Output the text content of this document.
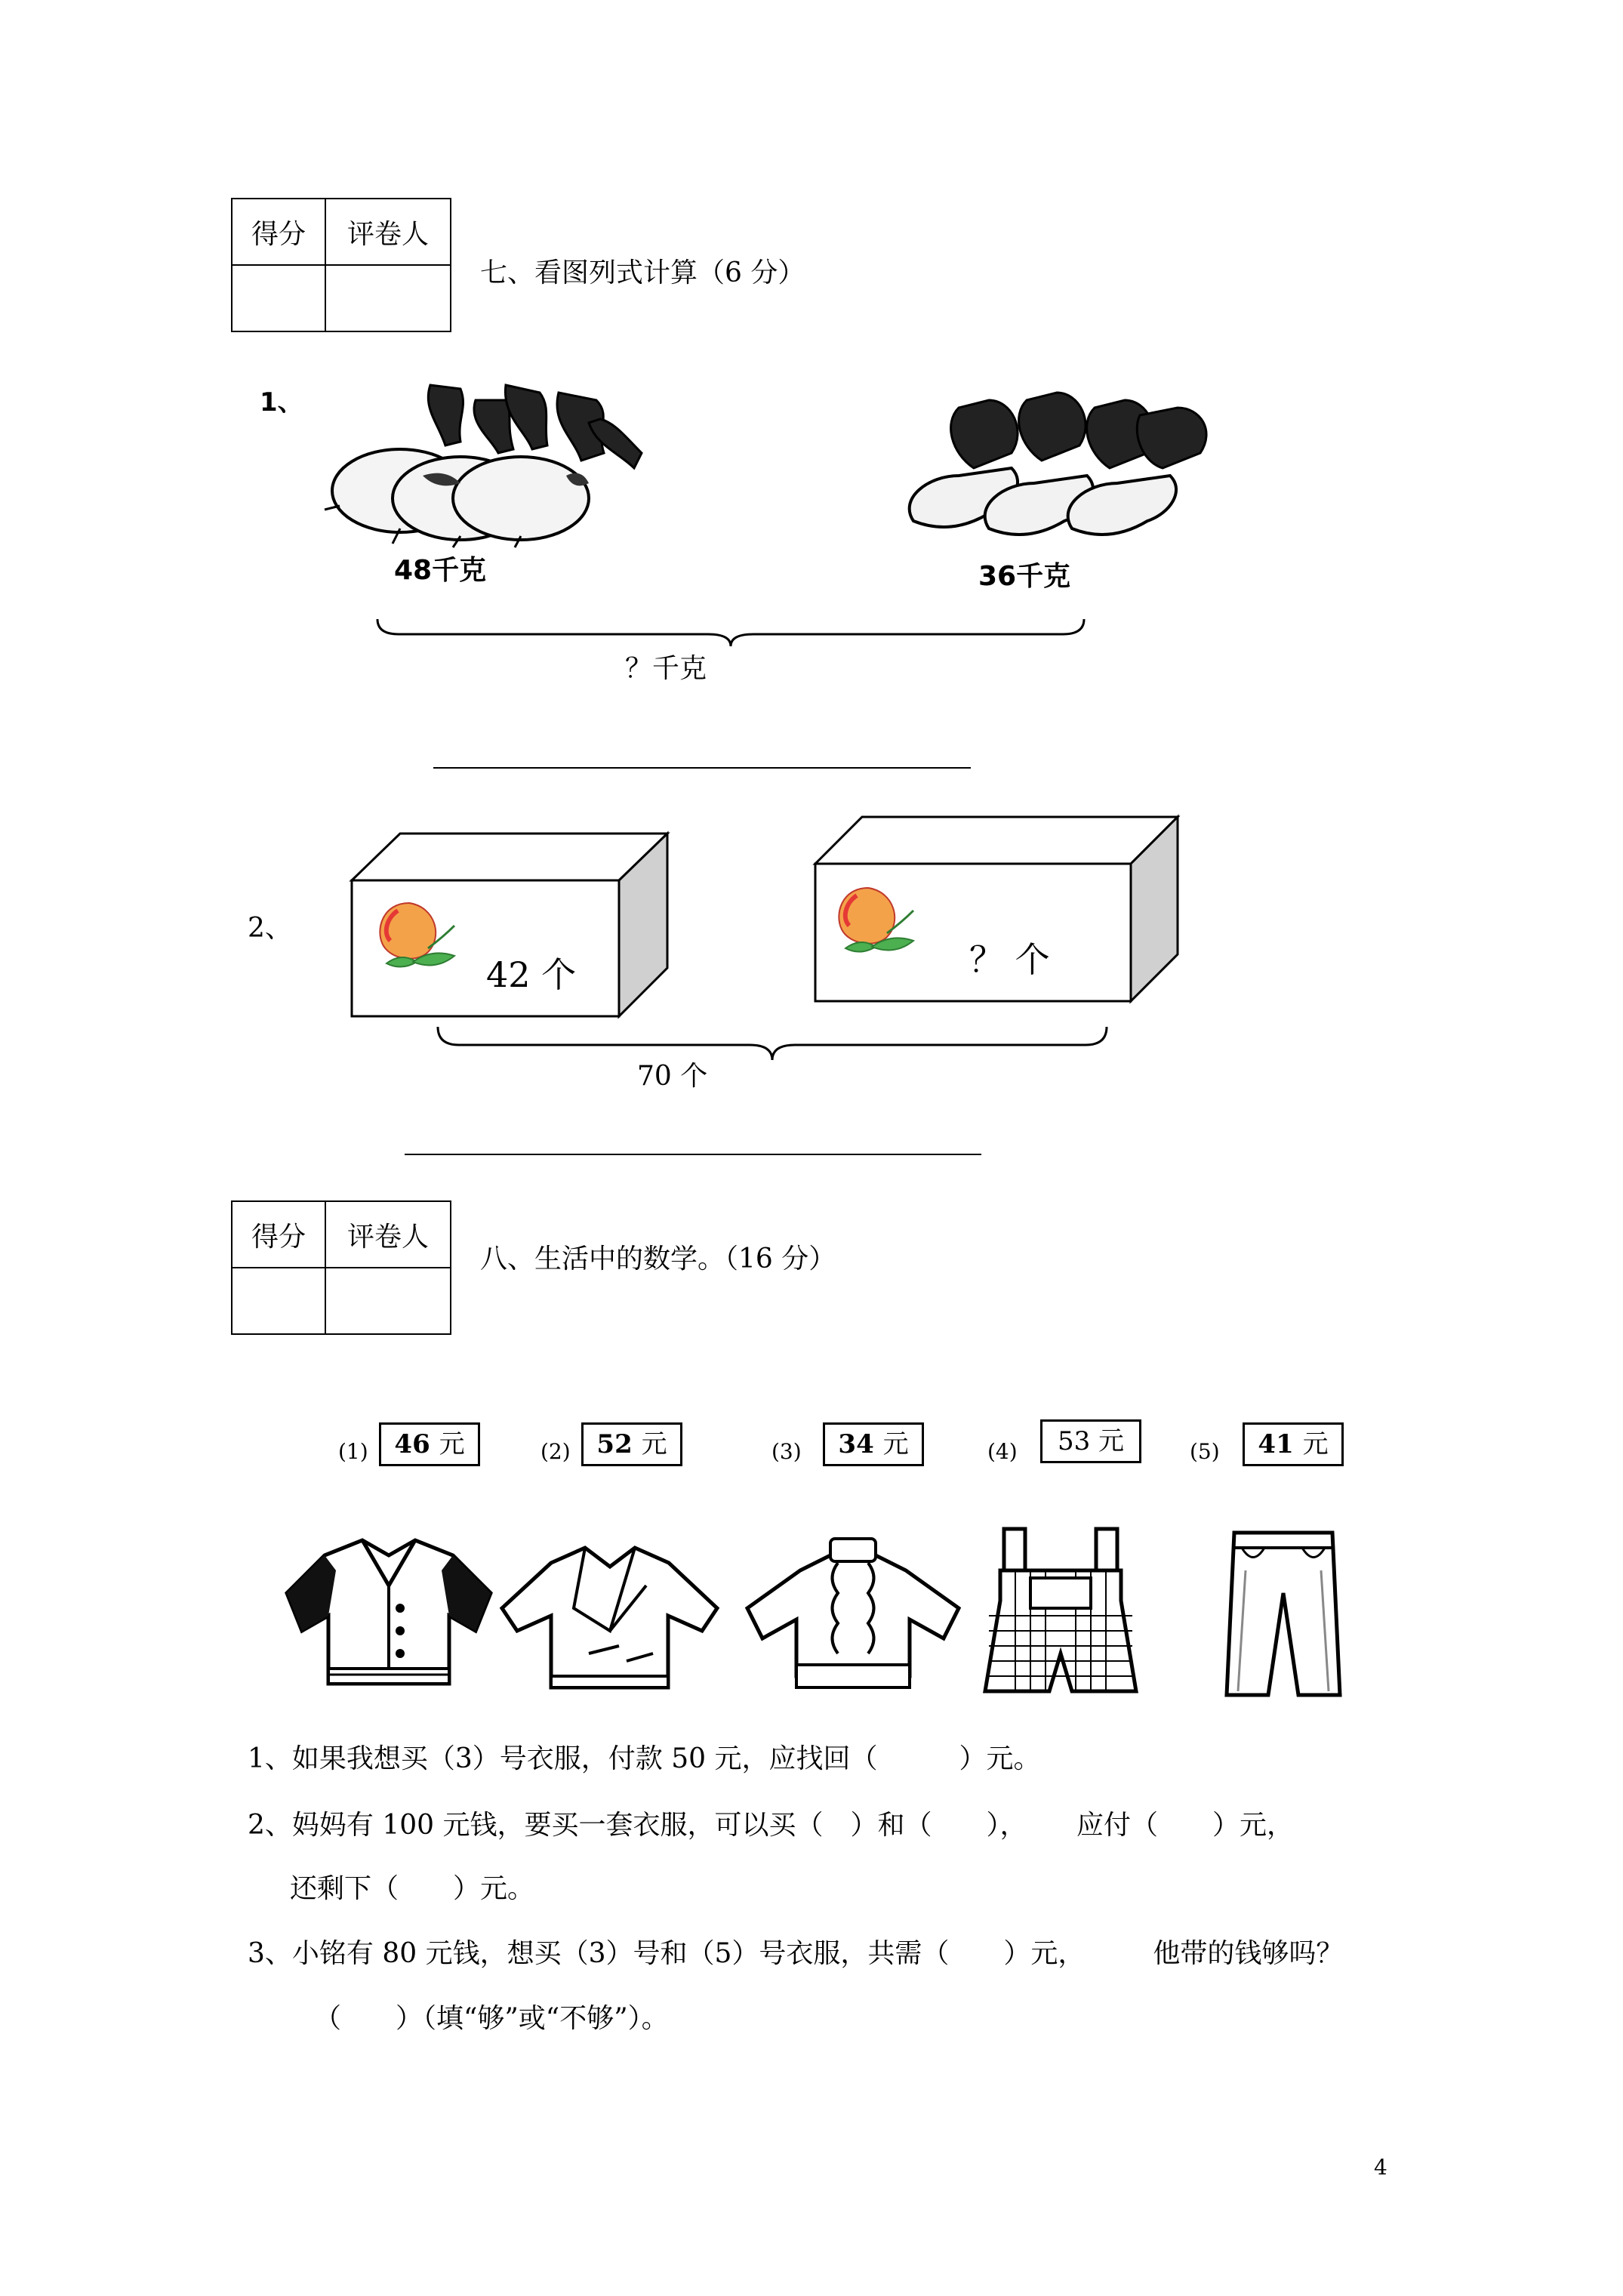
得分	评卷人

七、看图列式计算（6 分）
1、
48千克	36千克
？千克
2、
42 个	？ 个
70 个
得分	评卷人

八、生活中的数学。（16 分）
(1)	46 元	(2)	52 元	(3)	34 元	(4)	53 元	(5)	41 元
1、如果我想买（3）号衣服，付款 50 元，应找回（　　　）元。
2、妈妈有 100 元钱，要买一套衣服，可以买（　）和（　　），　　 应付（　　）元，
还剩下（　　）元。
3、小铭有 80 元钱，想买（3）号和（5）号衣服，共需（　　）元，　　　他带的钱够吗？
（　　）（填“够”或“不够”）。
4
